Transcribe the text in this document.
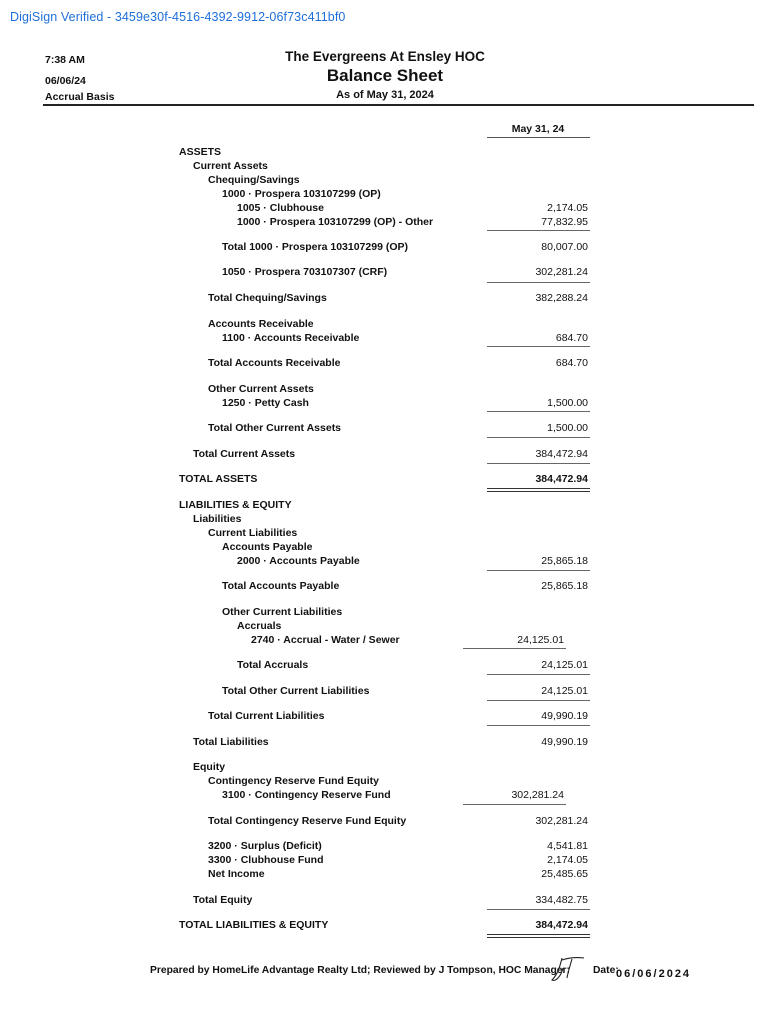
DigiSign Verified - 3459e30f-4516-4392-9912-06f73c411bf0
7:38 AM
06/06/24
Accrual Basis
The Evergreens At Ensley HOC
Balance Sheet
As of May 31, 2024
May 31, 24
ASSETS
Current Assets
Chequing/Savings
1000 · Prospera 103107299 (OP)
1005 · Clubhouse	2,174.05
1000 · Prospera 103107299 (OP) - Other	77,832.95
Total 1000 · Prospera 103107299 (OP)	80,007.00
1050 · Prospera 703107307 (CRF)	302,281.24
Total Chequing/Savings	382,288.24
Accounts Receivable
1100 · Accounts Receivable	684.70
Total Accounts Receivable	684.70
Other Current Assets
1250 · Petty Cash	1,500.00
Total Other Current Assets	1,500.00
Total Current Assets	384,472.94
TOTAL ASSETS	384,472.94
LIABILITIES & EQUITY
Liabilities
Current Liabilities
Accounts Payable
2000 · Accounts Payable	25,865.18
Total Accounts Payable	25,865.18
Other Current Liabilities
Accruals
2740 · Accrual - Water / Sewer	24,125.01
Total Accruals	24,125.01
Total Other Current Liabilities	24,125.01
Total Current Liabilities	49,990.19
Total Liabilities	49,990.19
Equity
Contingency Reserve Fund Equity
3100 · Contingency Reserve Fund	302,281.24
Total Contingency Reserve Fund Equity	302,281.24
3200 · Surplus (Deficit)	4,541.81
3300 · Clubhouse Fund	2,174.05
Net Income	25,485.65
Total Equity	334,482.75
TOTAL LIABILITIES & EQUITY	384,472.94
Prepared by HomeLife Advantage Realty Ltd; Reviewed by J Tompson, HOC Manager: Date:
06/06/2024
